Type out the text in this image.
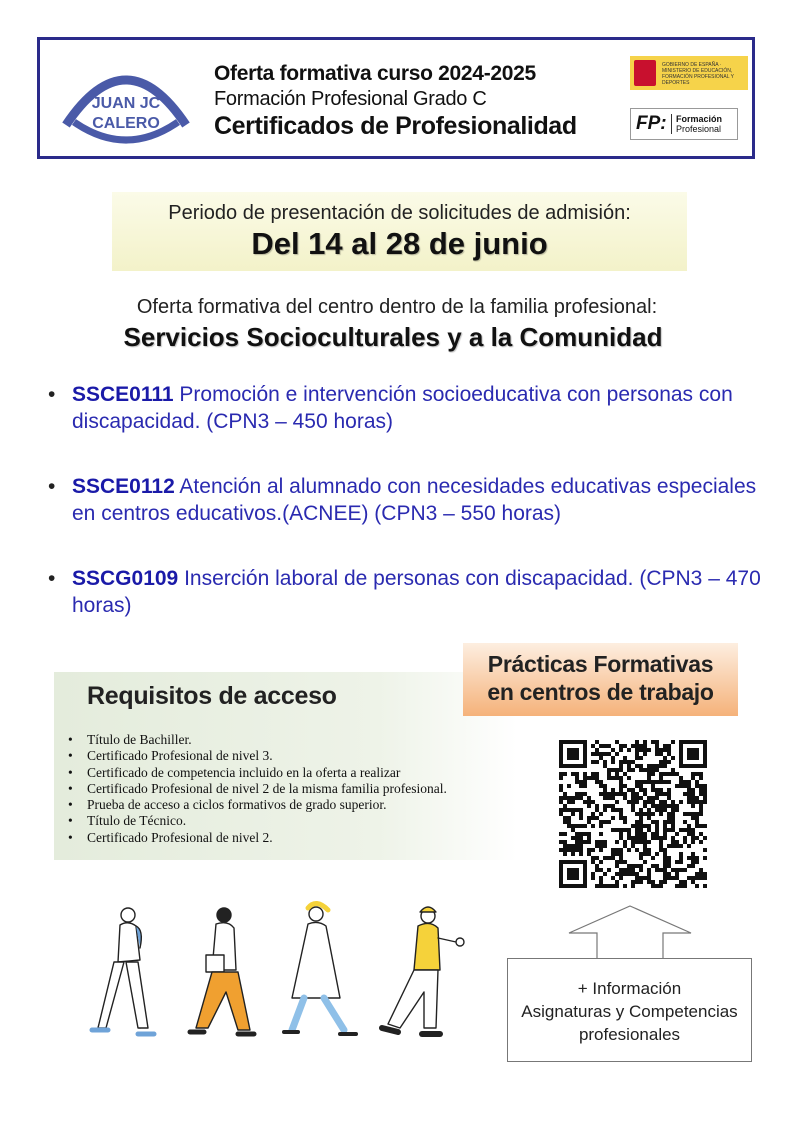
JUAN JC
CALERO
MAESTRO Oferta formativa curso 2024-2025
Formación Profesional Grado C
Certificados de Profesionalidad
GOBIERNO DE ESPAÑA · MINISTERIO DE EDUCACIÓN, FORMACIÓN PROFESIONAL Y DEPORTES
FP: Formación
Profesional
Periodo de presentación de solicitudes de admisión:
Del 14 al 28 de junio
Oferta formativa del centro dentro de la familia profesional:
Servicios Socioculturales y a la Comunidad
• SSCE0111 Promoción e intervención socioeducativa con personas con discapacidad. (CPN3 – 450 horas)
• SSCE0112 Atención al alumnado con necesidades educativas especiales en centros educativos.(ACNEE) (CPN3 – 550 horas)
• SSCG0109 Inserción laboral de personas con discapacidad. (CPN3 – 470 horas)
Requisitos de acceso
• Título de Bachiller.
• Certificado Profesional de nivel 3.
• Certificado de competencia incluido en la oferta a realizar
• Certificado Profesional de nivel 2 de la misma familia profesional.
• Prueba de acceso a ciclos formativos de grado superior.
• Título de Técnico.
• Certificado Profesional de nivel 2.
Prácticas Formativas
en centros de trabajo
+ Información
Asignaturas y Competencias
profesionales
